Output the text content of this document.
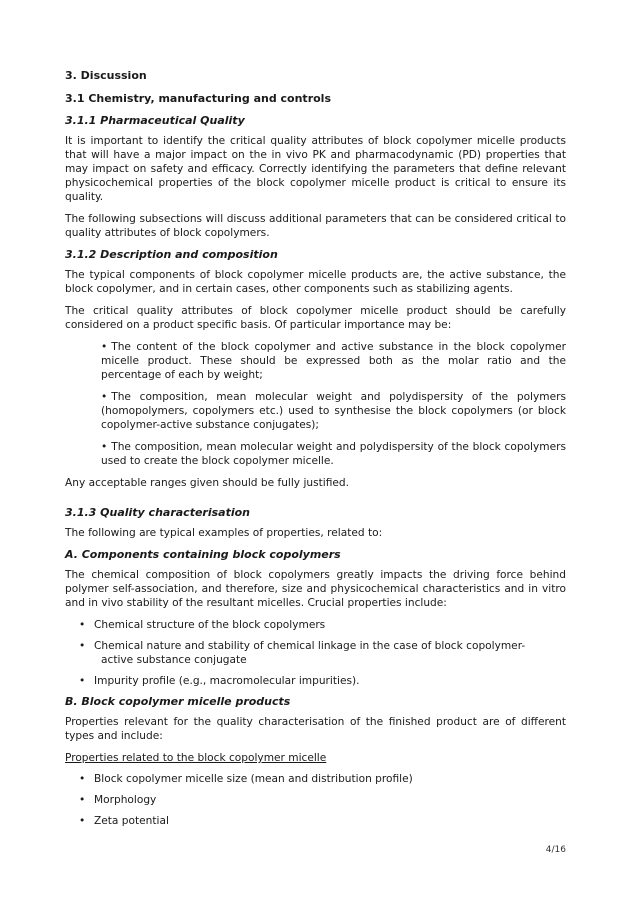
3. Discussion
3.1 Chemistry, manufacturing and controls
3.1.1 Pharmaceutical Quality

It is important to identify the critical quality attributes of block copolymer micelle products that will have a major impact on the in vivo PK and pharmacodynamic (PD) properties that may impact on safety and efficacy. Correctly identifying the parameters that define relevant physicochemical properties of the block copolymer micelle product is critical to ensure its quality.

The following subsections will discuss additional parameters that can be considered critical to quality attributes of block copolymers.

3.1.2 Description and composition

The typical components of block copolymer micelle products are, the active substance, the block copolymer, and in certain cases, other components such as stabilizing agents.

The critical quality attributes of block copolymer micelle product should be carefully considered on a product specific basis. Of particular importance may be:

• The content of the block copolymer and active substance in the block copolymer micelle product. These should be expressed both as the molar ratio and the percentage of each by weight;
• The composition, mean molecular weight and polydispersity of the polymers (homopolymers, copolymers etc.) used to synthesise the block copolymers (or block copolymer-active substance conjugates);
• The composition, mean molecular weight and polydispersity of the block copolymers used to create the block copolymer micelle.

Any acceptable ranges given should be fully justified.

3.1.3 Quality characterisation

The following are typical examples of properties, related to:

A. Components containing block copolymers

The chemical composition of block copolymers greatly impacts the driving force behind polymer self-association, and therefore, size and physicochemical characteristics and in vitro and in vivo stability of the resultant micelles. Crucial properties include:

• Chemical structure of the block copolymers
• Chemical nature and stability of chemical linkage in the case of block copolymer-
active substance conjugate
• Impurity profile (e.g., macromolecular impurities).
B. Block copolymer micelle products

Properties relevant for the quality characterisation of the finished product are of different types and include:

Properties related to the block copolymer micelle
• Block copolymer micelle size (mean and distribution profile)
• Morphology
• Zeta potential
4/16
